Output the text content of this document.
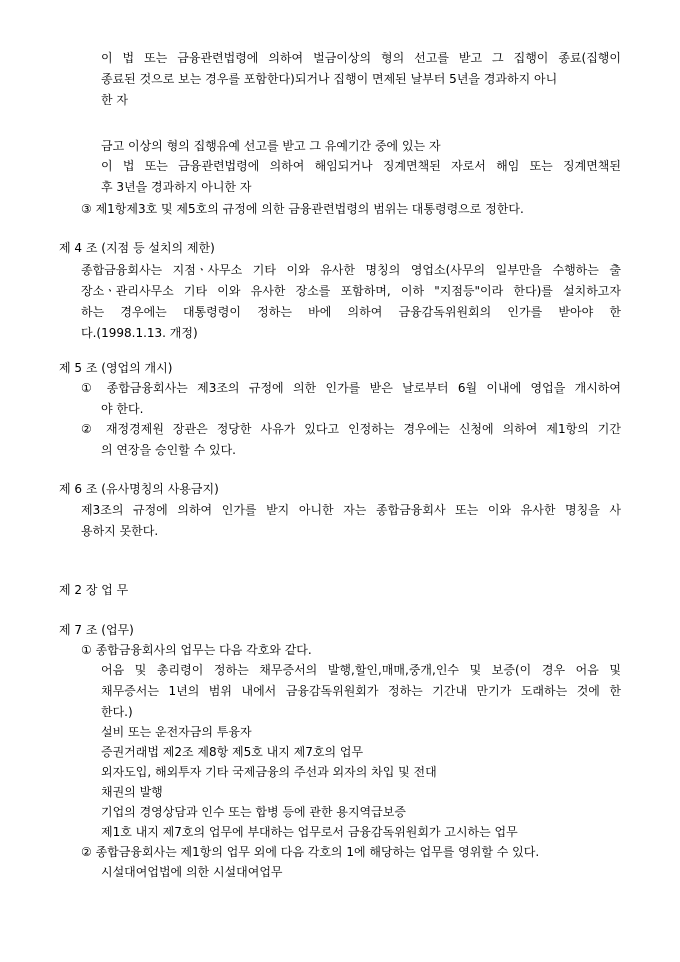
이 법 또는 금융관련법령에 의하여 벌금이상의 형의 선고를 받고 그 집행이 종료(집행이
종료된 것으로 보는 경우를 포함한다)되거나 집행이 면제된 날부터 5년을 경과하지 아니
한 자
금고 이상의 형의 집행유예 선고를 받고 그 유예기간 중에 있는 자
이 법 또는 금융관련법령에 의하여 해임되거나 징계면책된 자로서 해임 또는 징계면책된
후 3년을 경과하지 아니한 자
③ 제1항제3호 및 제5호의 규정에 의한 금융관련법령의 범위는 대통령령으로 정한다.
제 4 조 (지점 등 설치의 제한)
종합금융회사는 지점ㆍ사무소 기타 이와 유사한 명칭의 영업소(사무의 일부만을 수행하는 출
장소ㆍ관리사무소 기타 이와 유사한 장소를 포함하며, 이하 "지점등"이라 한다)를 설치하고자
하는 경우에는 대통령령이 정하는 바에 의하여 금융감독위원회의 인가를 받아야 한
다.(1998.1.13. 개정)
제 5 조 (영업의 개시)
① 종합금융회사는 제3조의 규정에 의한 인가를 받은 날로부터 6월 이내에 영업을 개시하여
야 한다.
② 재정경제원 장관은 정당한 사유가 있다고 인정하는 경우에는 신청에 의하여 제1항의 기간
의 연장을 승인할 수 있다.
제 6 조 (유사명칭의 사용금지)
제3조의 규정에 의하여 인가를 받지 아니한 자는 종합금융회사 또는 이와 유사한 명칭을 사
용하지 못한다.
제 2 장 업 무
제 7 조 (업무)
① 종합금융회사의 업무는 다음 각호와 같다.
어음 및 총리령이 정하는 채무증서의 발행,할인,매매,중개,인수 및 보증(이 경우 어음 및
채무증서는 1년의 범위 내에서 금융감독위원회가 정하는 기간내 만기가 도래하는 것에 한
한다.)
설비 또는 운전자금의 투융자
증권거래법 제2조 제8항 제5호 내지 제7호의 업무
외자도입, 해외투자 기타 국제금융의 주선과 외자의 차입 및 전대
채권의 발행
기업의 경영상담과 인수 또는 합병 등에 관한 용지역급보증
제1호 내지 제7호의 업무에 부대하는 업무로서 금융감독위원회가 고시하는 업무
② 종합금융회사는 제1항의 업무 외에 다음 각호의 1에 해당하는 업무를 영위할 수 있다.
시설대여업법에 의한 시설대여업무
